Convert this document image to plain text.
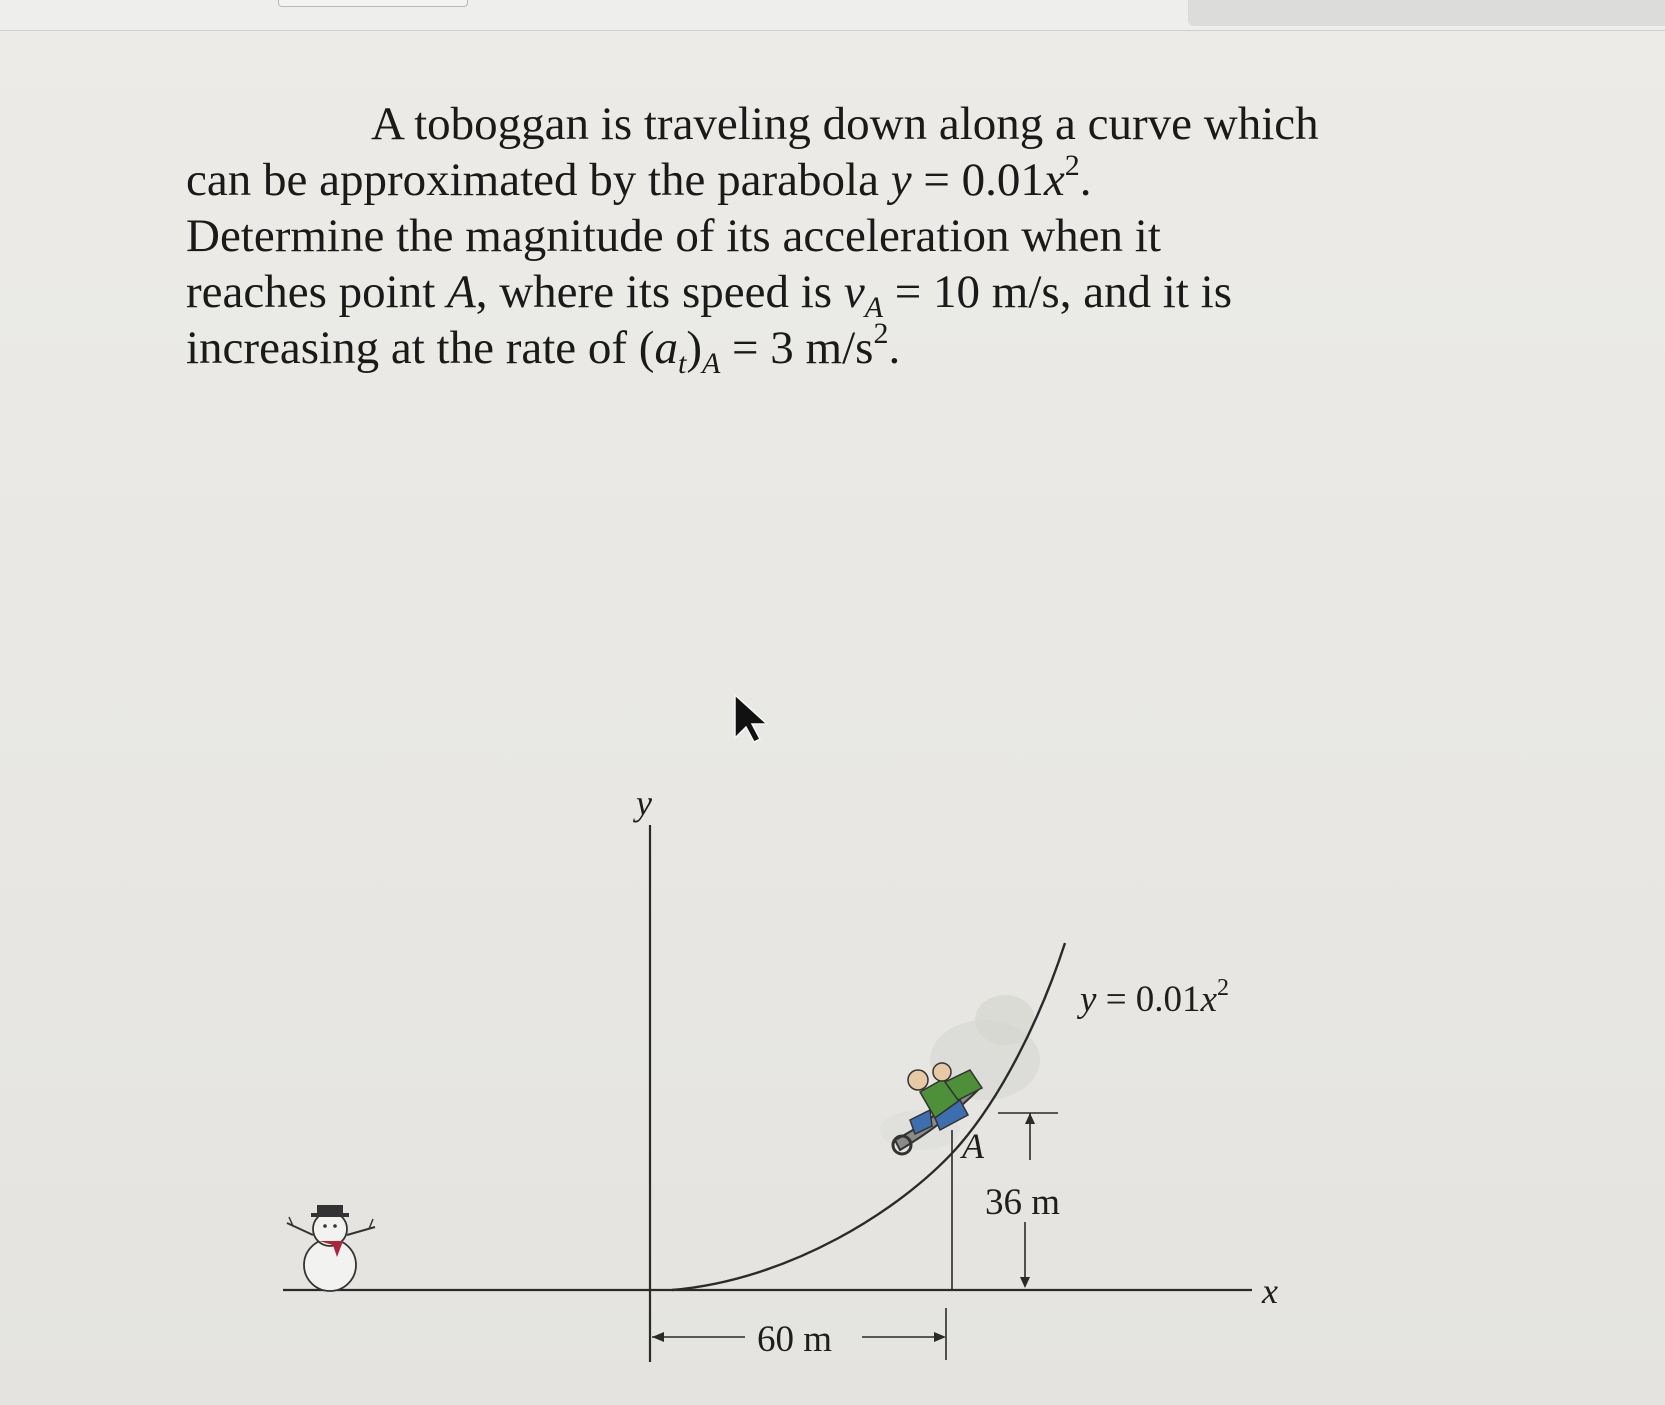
A toboggan is traveling down along a curve which
can be approximated by the parabola $y = 0.01x^2$.
Determine the magnitude of its acceleration when it
reaches point A, where its speed is $v_A = 10$ m/s, and it is
increasing at the rate of $(a_t)_A = 3$ $m/s^2$.

y
x
$y = 0.01x^2$
A
36 m
60 m
